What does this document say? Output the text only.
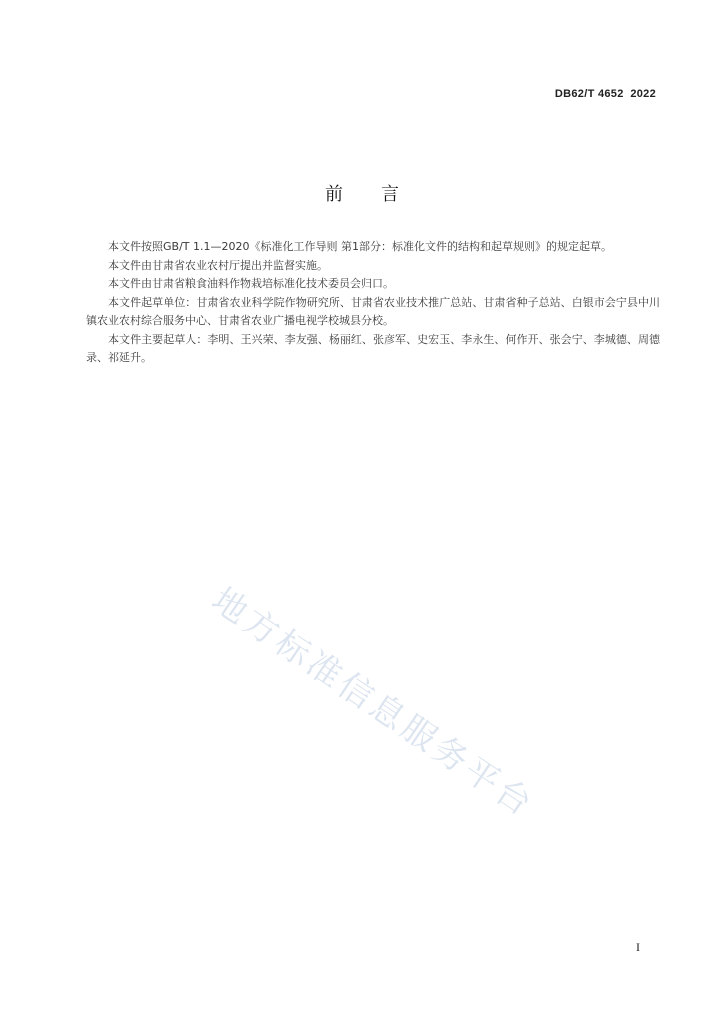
DB62/T 4652  2022
前言

本文件按照GB/T 1.1—2020《标准化工作导则 第1部分：标准化文件的结构和起草规则》的规定起草。

本文件由甘肃省农业农村厅提出并监督实施。

本文件由甘肃省粮食油料作物栽培标准化技术委员会归口。

本文件起草单位：甘肃省农业科学院作物研究所、甘肃省农业技术推广总站、甘肃省种子总站、白银市会宁县中川镇农业农村综合服务中心、甘肃省农业广播电视学校城县分校。

本文件主要起草人：李明、王兴荣、李友强、杨丽红、张彦军、史宏玉、李永生、何作开、张会宁、李城德、周德录、祁延升。

地方标准信息服务平台
I
